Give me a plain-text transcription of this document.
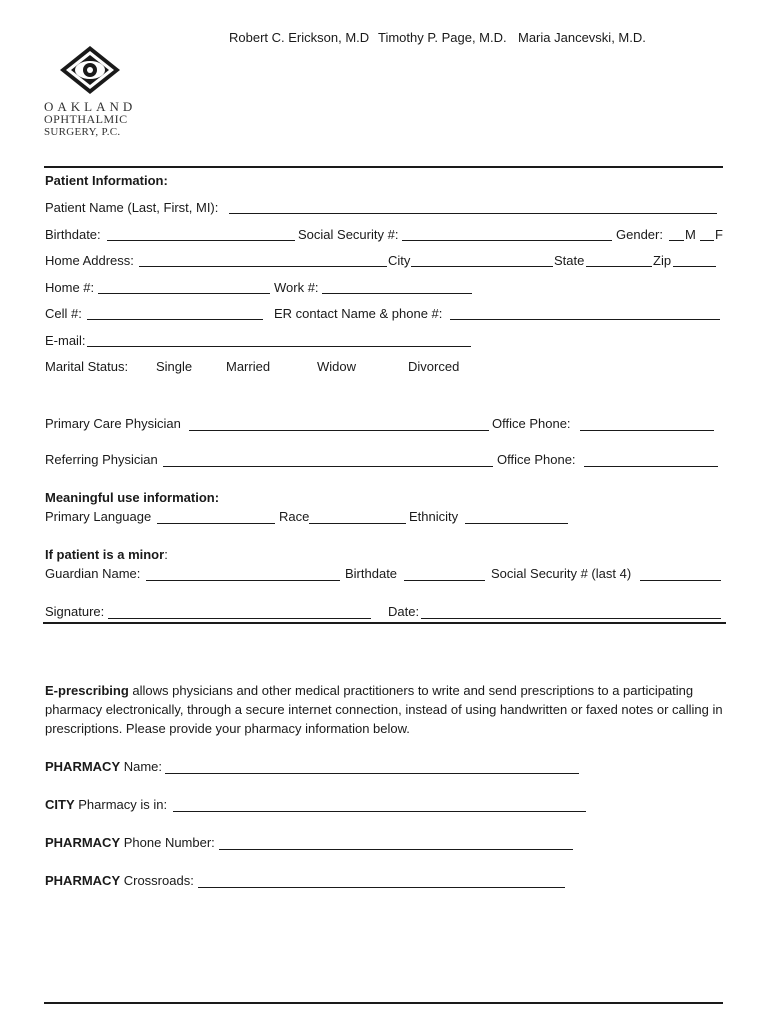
Robert C. Erickson, M.D Timothy P. Page, M.D. Maria Jancevski, M.D.
OAKLAND
OPHTHALMIC
SURGERY, P.C.
Patient Information:
Patient Name (Last, First, MI):
Birthdate:	Social Security #:	Gender: M F
Home Address:	City	State	Zip
Home #:	Work #:
Cell #:	ER contact Name & phone #:
E-mail:
Marital Status: Single	Married	Widow	Divorced
Primary Care Physician	Office Phone:
Referring Physician	Office Phone:
Meaningful use information:
Primary Language	Race	Ethnicity
If patient is a minor:
Guardian Name:	Birthdate	Social Security # (last 4)
Signature:	Date:
E-prescribing allows physicians and other medical practitioners to write and send prescriptions to a participating pharmacy electronically, through a secure internet connection, instead of using handwritten or faxed notes or calling in prescriptions. Please provide your pharmacy information below.
PHARMACY Name:
CITY Pharmacy is in:
PHARMACY Phone Number:
PHARMACY Crossroads:
